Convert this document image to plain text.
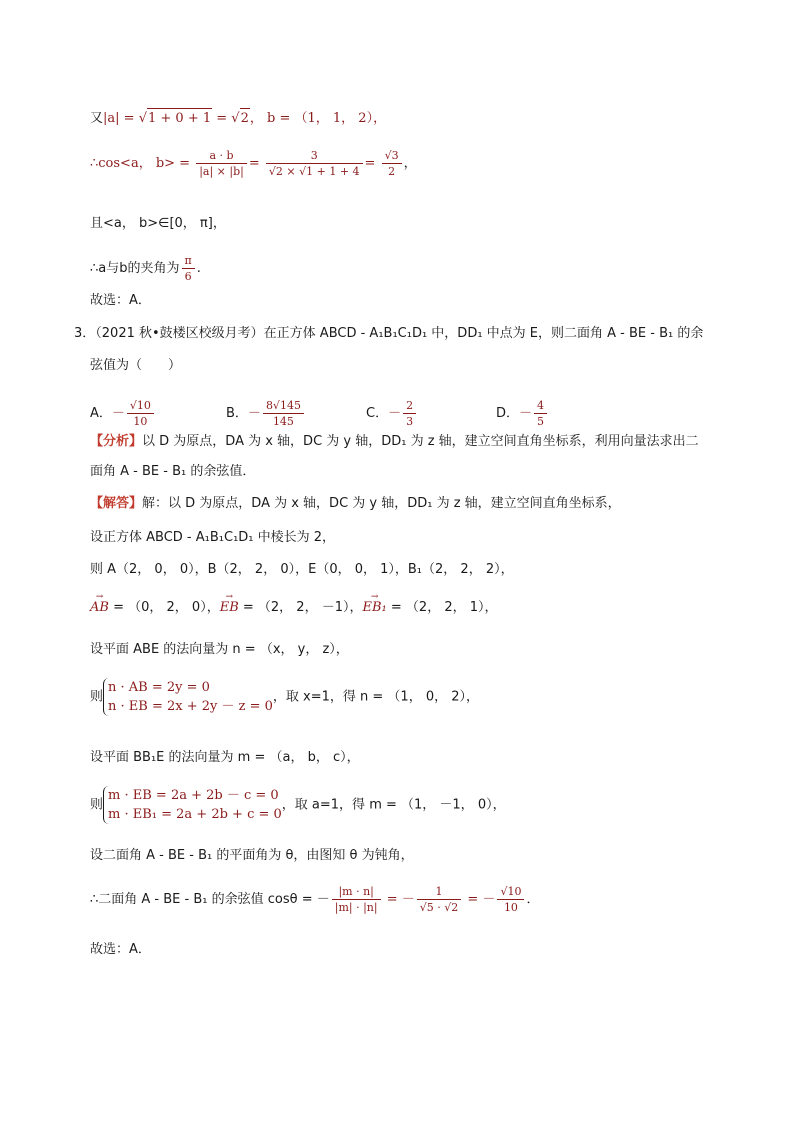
又|a| = √1 + 0 + 1 = √2， b = （1， 1， 2），
∴cos<a， $b> = \frac{a \cdot b}{|a| \times |b|} = \frac{3}{√2 \times √1 + 1 + 4} = \frac{√3}{2}$ ，
且<a， b>∈[0， π]，
∴a与b的夹角为 $\frac{\pi}{6}$ .
故选：A．
3．（2021 秋•鼓楼区校级月考）在正方体 ABCD - A₁B₁C₁D₁ 中，DD₁ 中点为 E，则二面角 A - BE - B₁ 的余
弦值为（　　）
A．－ $\frac{√10}{10}$	B．－ $\frac{8√145}{145}$	C．－ $\frac{2}{3}$	D．－ $\frac{4}{5}$
【分析】以 D 为原点，DA 为 x 轴，DC 为 y 轴，DD₁ 为 z 轴，建立空间直角坐标系，利用向量法求出二
面角 A - BE - B₁ 的余弦值．
【解答】解：以 D 为原点，DA 为 x 轴，DC 为 y 轴，DD₁ 为 z 轴，建立空间直角坐标系，
设正方体 ABCD - A₁B₁C₁D₁ 中棱长为 2，
则 A（2， 0， 0），B（2， 2， 0），E（0， 0， 1），B₁（2， 2， 2），
→ AB = （0， 2， 0），→ EB = （2， 2， －1），→ EB₁ = （2， 2， 1），
设平面 ABE 的法向量为 n = （x， y， z），
则
n · AB = 2y = 0
n · EB = 2x + 2y － z = 0
，取 x=1，得 n = （1， 0， 2），
设平面 BB₁E 的法向量为 m = （a， b， c），
则
m · EB = 2a + 2b － c = 0
m · EB₁ = 2a + 2b + c = 0
，取 a=1，得 m = （1， －1， 0），
设二面角 A - BE - B₁ 的平面角为 θ，由图知 θ 为钝角，
∴二面角 A - BE - B₁ 的余弦值 cosθ = － $\frac{|m \cdot n|}{|m| \cdot |n|}$ = － $\frac{1}{√5 \cdot √2}$ = － $\frac{√10}{10}$ ．
故选：A．
